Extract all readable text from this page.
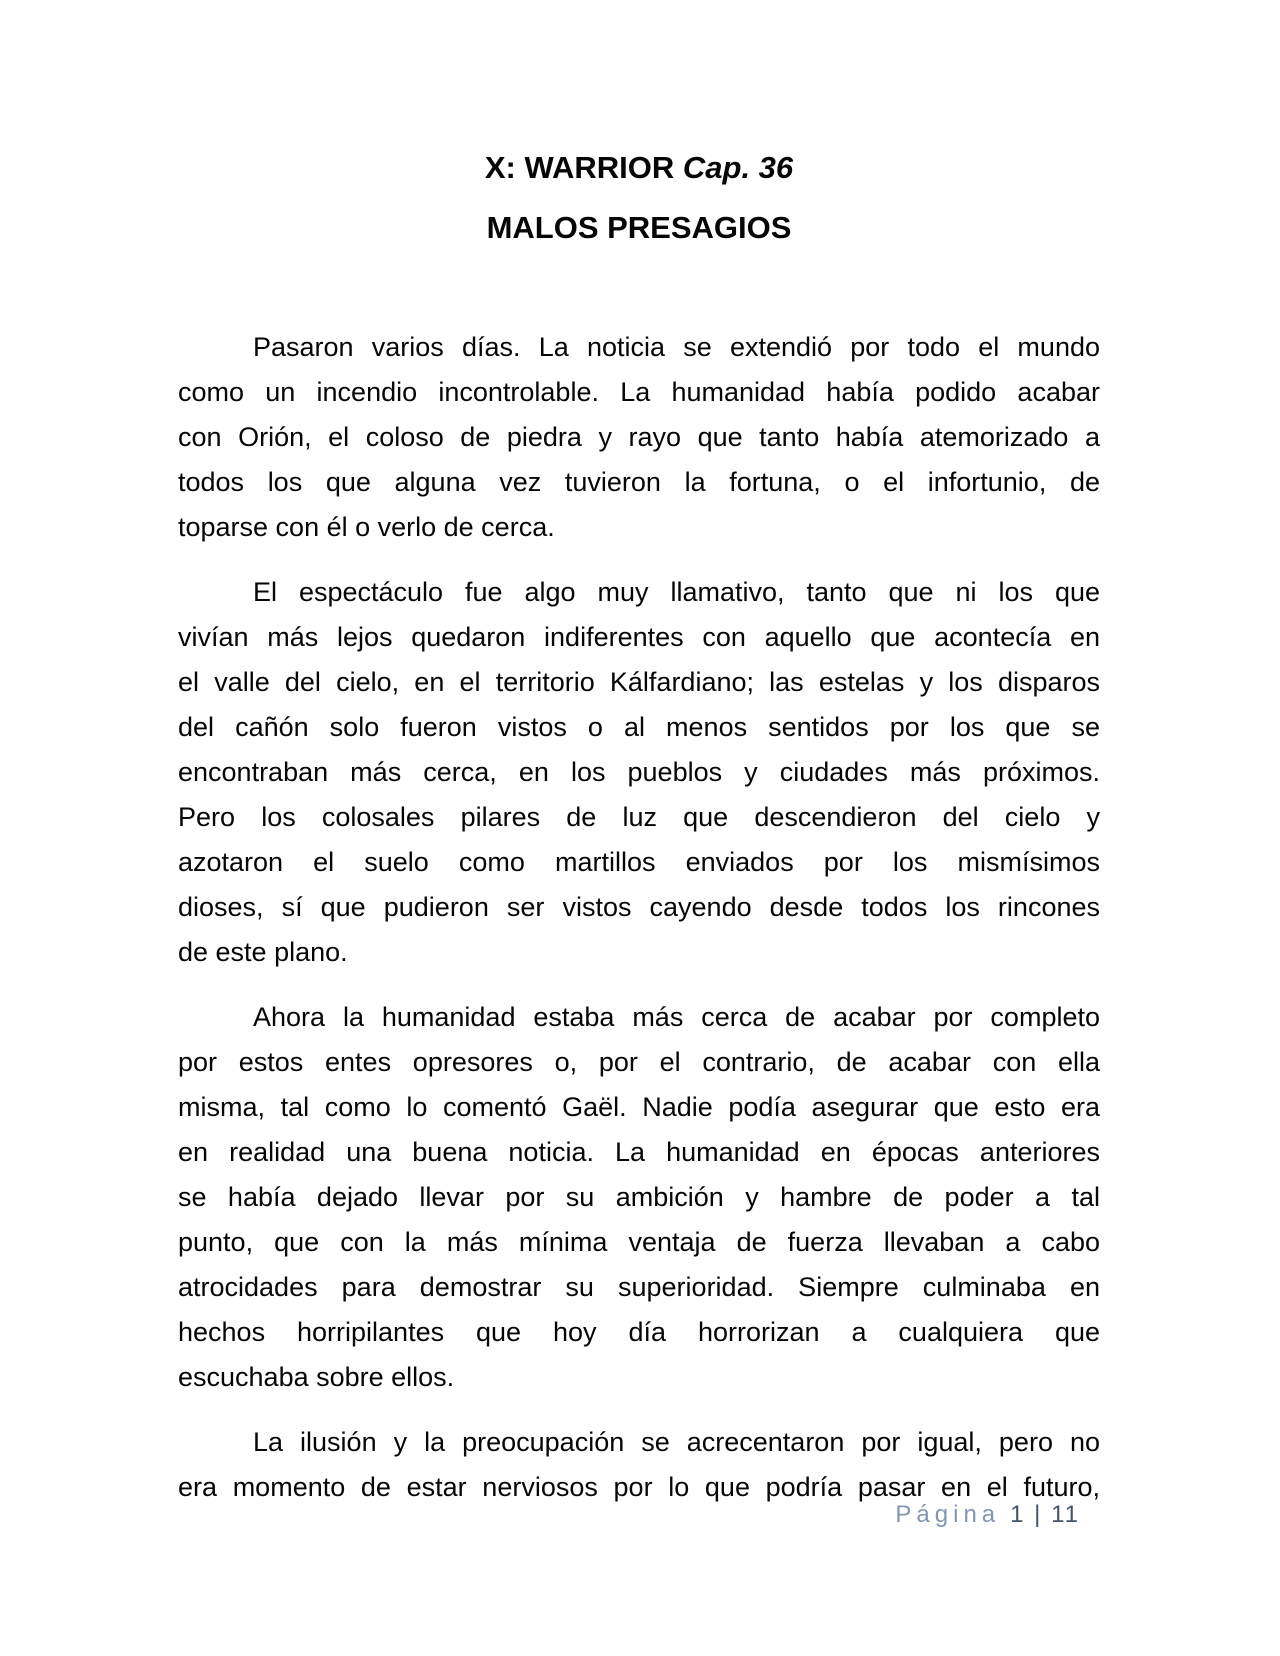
X: WARRIOR Cap. 36
MALOS PRESAGIOS
Pasaron varios días. La noticia se extendió por todo el mundo
como un incendio incontrolable. La humanidad había podido acabar
con Orión, el coloso de piedra y rayo que tanto había atemorizado a
todos los que alguna vez tuvieron la fortuna, o el infortunio, de
toparse con él o verlo de cerca.
El espectáculo fue algo muy llamativo, tanto que ni los que
vivían más lejos quedaron indiferentes con aquello que acontecía en
el valle del cielo, en el territorio Kálfardiano; las estelas y los disparos
del cañón solo fueron vistos o al menos sentidos por los que se
encontraban más cerca, en los pueblos y ciudades más próximos.
Pero los colosales pilares de luz que descendieron del cielo y
azotaron el suelo como martillos enviados por los mismísimos
dioses, sí que pudieron ser vistos cayendo desde todos los rincones
de este plano.
Ahora la humanidad estaba más cerca de acabar por completo
por estos entes opresores o, por el contrario, de acabar con ella
misma, tal como lo comentó Gaël. Nadie podía asegurar que esto era
en realidad una buena noticia. La humanidad en épocas anteriores
se había dejado llevar por su ambición y hambre de poder a tal
punto, que con la más mínima ventaja de fuerza llevaban a cabo
atrocidades para demostrar su superioridad. Siempre culminaba en
hechos horripilantes que hoy día horrorizan a cualquiera que
escuchaba sobre ellos.
La ilusión y la preocupación se acrecentaron por igual, pero no
era momento de estar nerviosos por lo que podría pasar en el futuro,
Página 1 | 11
